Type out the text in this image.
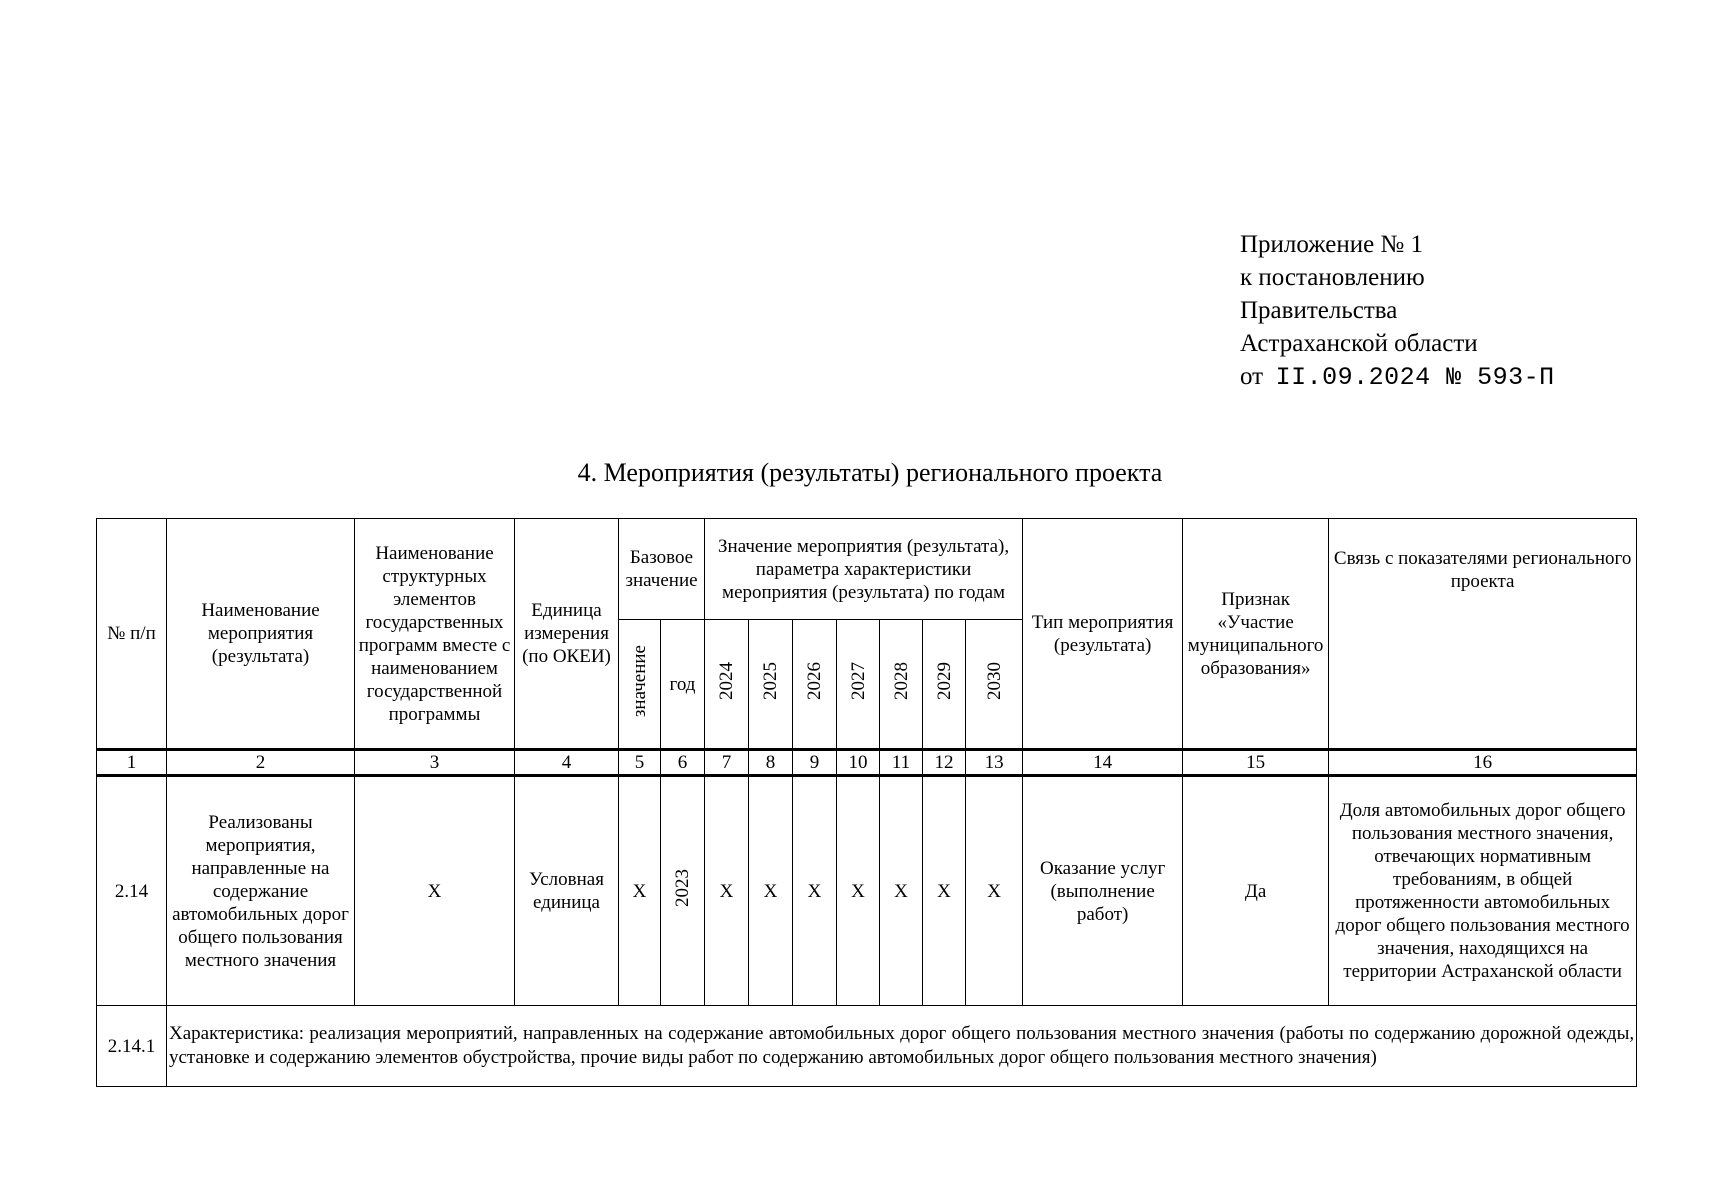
Приложение № 1
к постановлению
Правительства
Астраханской области
от II.09.2024 № 593-П
4. Мероприятия (результаты) регионального проекта
№ п/п	Наименование мероприятия (результата)	Наименование структурных элементов государственных программ вместе с наименованием государственной программы	Единица измерения (по ОКЕИ)	Базовое значение		Значение мероприятия (результата), параметра характеристики мероприятия (результата) по годам							Тип мероприятия (результата)	Признак «Участие муниципального образования»	Связь с показателями регионального проекта
				значение	год	2024	2025	2026	2027	2028	2029	2030			
1	2	3	4	5	6	7	8	9	10	11	12	13	14	15	16
2.14	Реализованы мероприятия, направленные на содержание автомобильных дорог общего пользования местного значения	X	Условная единица	X	2023	X	X	X	X	X	X	X	Оказание услуг (выполнение работ)	Да	Доля автомобильных дорог общего пользования местного значения, отвечающих нормативным требованиям, в общей протяженности автомобильных дорог общего пользования местного значения, находящихся на территории Астраханской области
2.14.1	Характеристика: реализация мероприятий, направленных на содержание автомобильных дорог общего пользования местного значения (работы по содержанию дорожной одежды, установке и содержанию элементов обустройства, прочие виды работ по содержанию автомобильных дорог общего пользования местного значения)														
